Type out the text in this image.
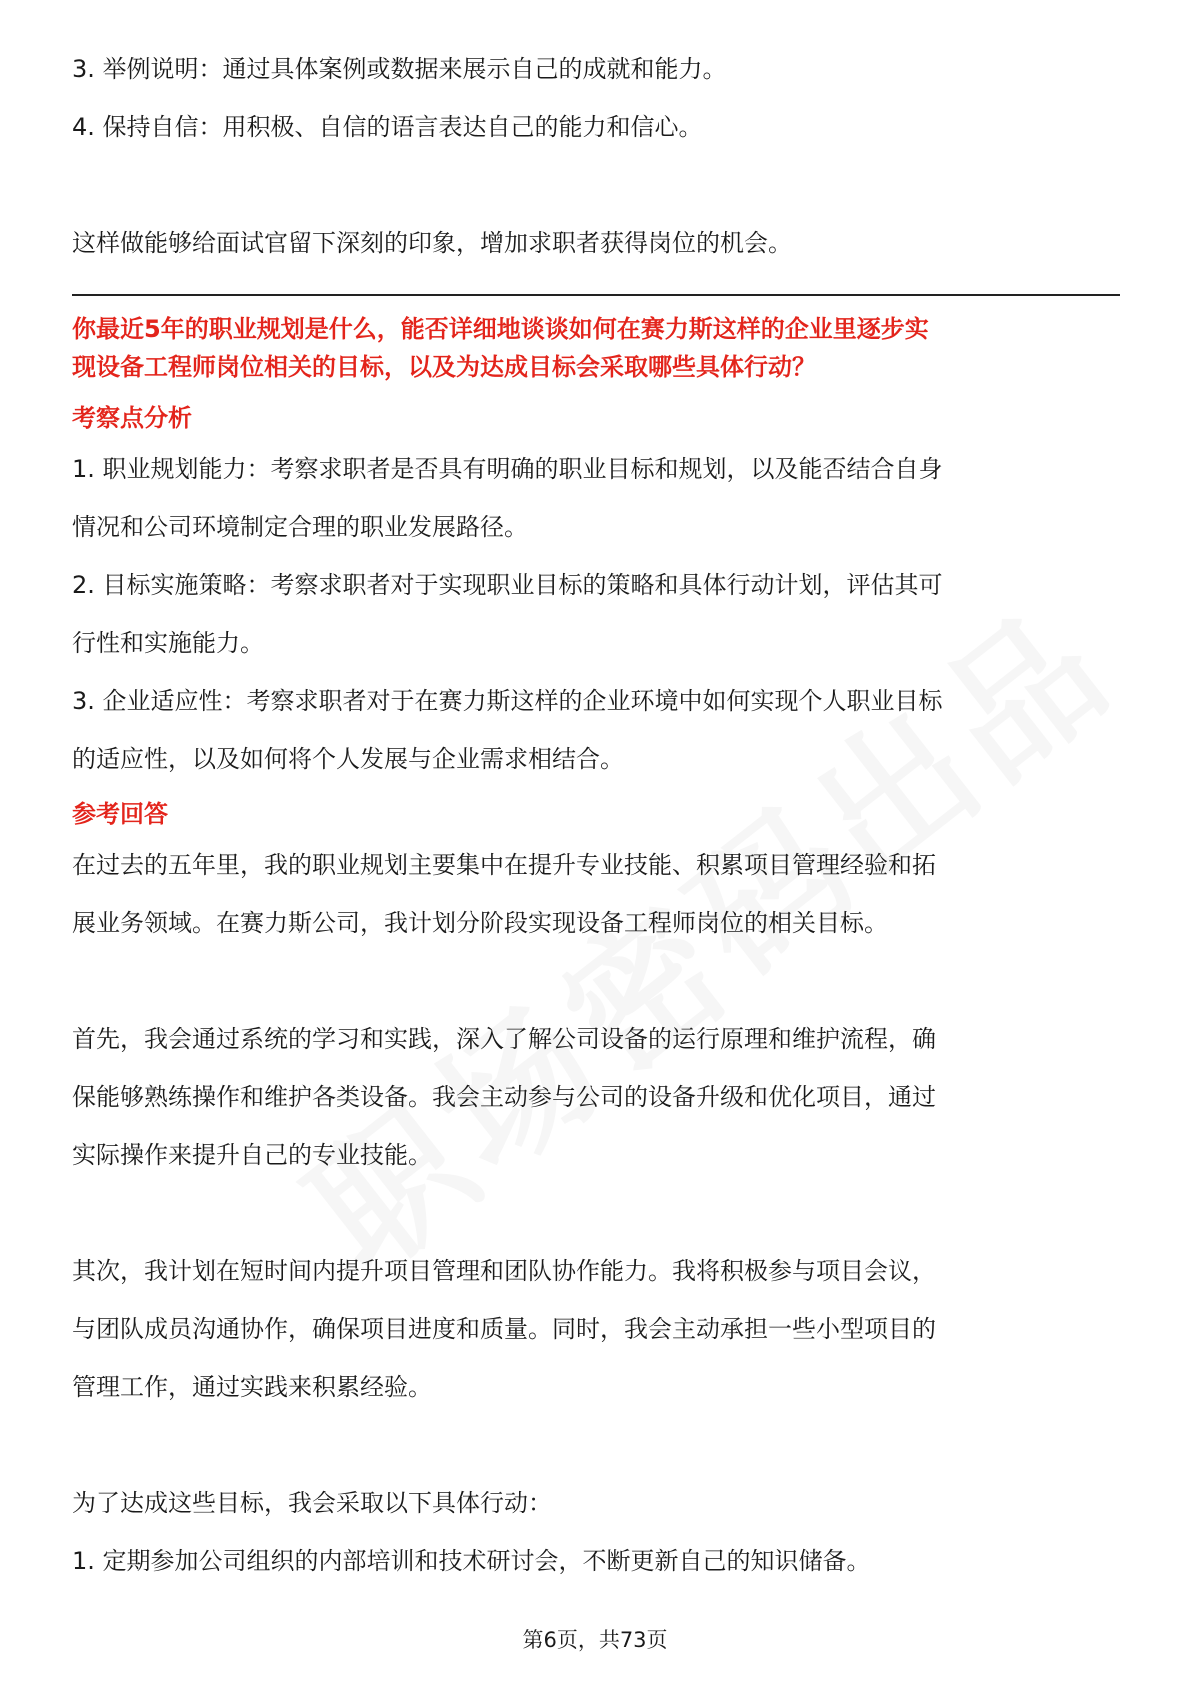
3. 举例说明：通过具体案例或数据来展示自己的成就和能力。

4. 保持自信：用积极、自信的语言表达自己的能力和信心。

这样做能够给面试官留下深刻的印象，增加求职者获得岗位的机会。

你最近5年的职业规划是什么，能否详细地谈谈如何在赛力斯这样的企业里逐步实
现设备工程师岗位相关的目标，以及为达成目标会采取哪些具体行动？
考察点分析

1. 职业规划能力：考察求职者是否具有明确的职业目标和规划，以及能否结合自身

情况和公司环境制定合理的职业发展路径。

2. 目标实施策略：考察求职者对于实现职业目标的策略和具体行动计划，评估其可

行性和实施能力。

3. 企业适应性：考察求职者对于在赛力斯这样的企业环境中如何实现个人职业目标

的适应性，以及如何将个人发展与企业需求相结合。

参考回答

在过去的五年里，我的职业规划主要集中在提升专业技能、积累项目管理经验和拓

展业务领域。在赛力斯公司，我计划分阶段实现设备工程师岗位的相关目标。

首先，我会通过系统的学习和实践，深入了解公司设备的运行原理和维护流程，确

保能够熟练操作和维护各类设备。我会主动参与公司的设备升级和优化项目，通过

实际操作来提升自己的专业技能。

其次，我计划在短时间内提升项目管理和团队协作能力。我将积极参与项目会议，

与团队成员沟通协作，确保项目进度和质量。同时，我会主动承担一些小型项目的

管理工作，通过实践来积累经验。

为了达成这些目标，我会采取以下具体行动：

1. 定期参加公司组织的内部培训和技术研讨会，不断更新自己的知识储备。

第6页，共73页
